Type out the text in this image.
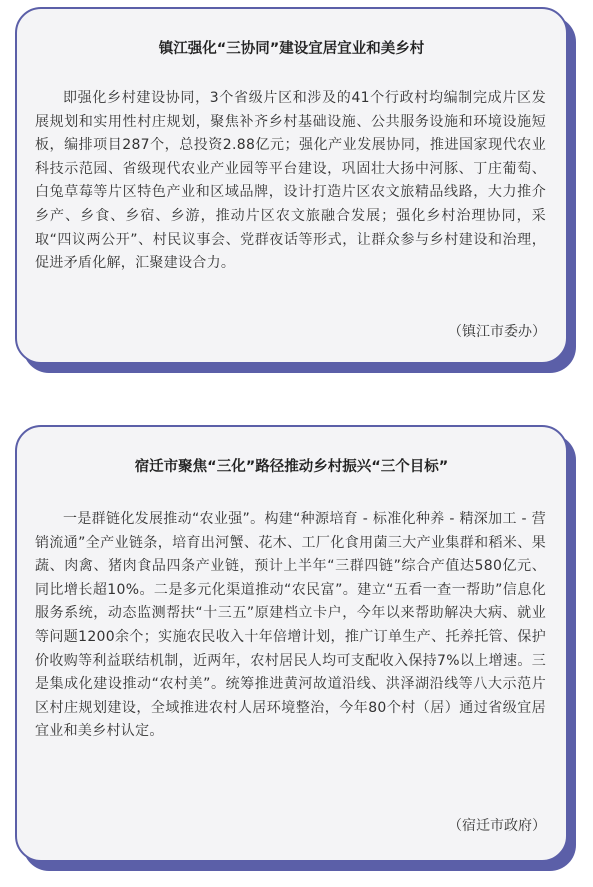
镇江强化“三协同”建设宜居宜业和美乡村
即强化乡村建设协同，3个省级片区和涉及的41个行政村均编制完成片区发展规划和实用性村庄规划，聚焦补齐乡村基础设施、公共服务设施和环境设施短板，编排项目287个，总投资2.88亿元；强化产业发展协同，推进国家现代农业科技示范园、省级现代农业产业园等平台建设，巩固壮大扬中河豚、丁庄葡萄、白兔草莓等片区特色产业和区域品牌，设计打造片区农文旅精品线路，大力推介乡产、乡食、乡宿、乡游，推动片区农文旅融合发展；强化乡村治理协同，采取“四议两公开”、村民议事会、党群夜话等形式，让群众参与乡村建设和治理，促进矛盾化解，汇聚建设合力。
（镇江市委办）
宿迁市聚焦“三化”路径推动乡村振兴“三个目标”
一是群链化发展推动“农业强”。构建“种源培育 - 标准化种养 - 精深加工 - 营销流通”全产业链条，培育出河蟹、花木、工厂化食用菌三大产业集群和稻米、果蔬、肉禽、猪肉食品四条产业链，预计上半年“三群四链”综合产值达580亿元、同比增长超10%。二是多元化渠道推动“农民富”。建立“五看一查一帮助”信息化服务系统，动态监测帮扶“十三五”原建档立卡户，今年以来帮助解决大病、就业等问题1200余个；实施农民收入十年倍增计划，推广订单生产、托养托管、保护价收购等利益联结机制，近两年，农村居民人均可支配收入保持7%以上增速。三是集成化建设推动“农村美”。统筹推进黄河故道沿线、洪泽湖沿线等八大示范片区村庄规划建设，全域推进农村人居环境整治，今年80个村（居）通过省级宜居宜业和美乡村认定。
（宿迁市政府）
